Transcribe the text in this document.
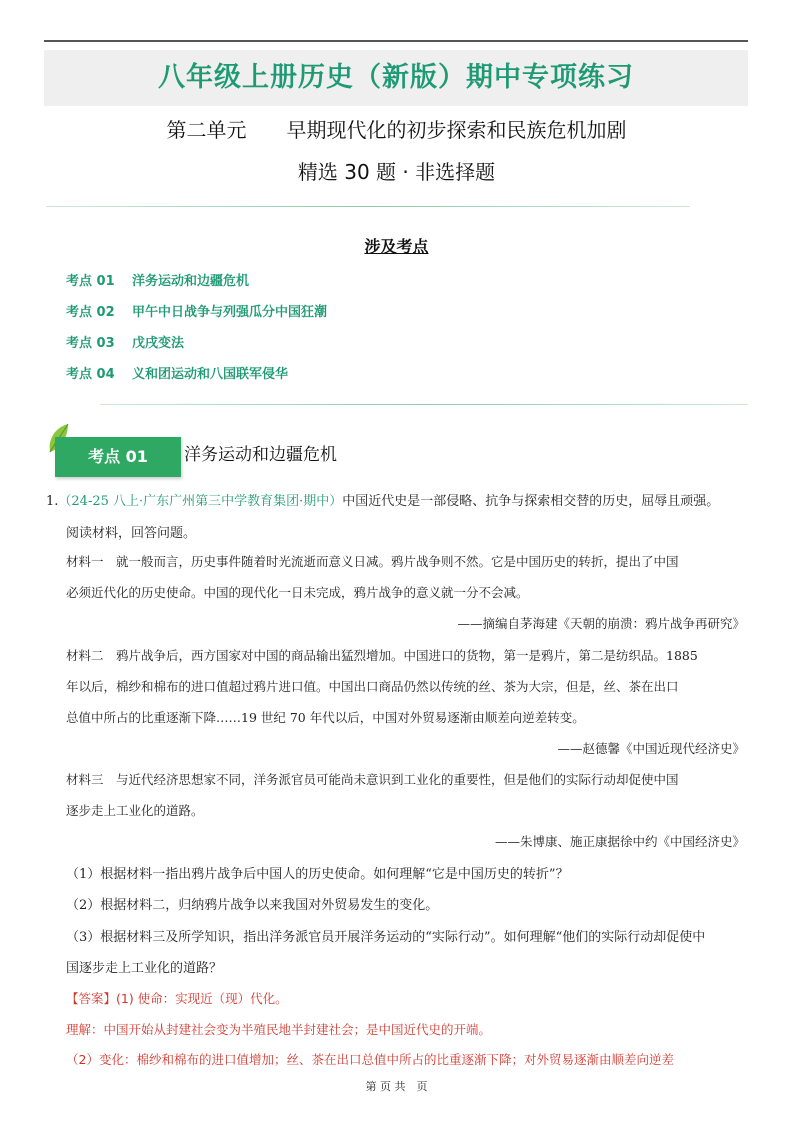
八年级上册历史（新版）期中专项练习
第二单元 早期现代化的初步探索和民族危机加剧
精选 30 题 · 非选择题
涉及考点
考点 01 洋务运动和边疆危机
考点 02 甲午中日战争与列强瓜分中国狂潮
考点 03 戊戌变法
考点 04 义和团运动和八国联军侵华
考点 01	洋务运动和边疆危机
1.（24-25 八上·广东广州第三中学教育集团·期中）中国近代史是一部侵略、抗争与探索相交替的历史，屈辱且顽强。
阅读材料，回答问题。
材料一　就一般而言，历史事件随着时光流逝而意义日减。鸦片战争则不然。它是中国历史的转折，提出了中国
必须近代化的历史使命。中国的现代化一日未完成，鸦片战争的意义就一分不会减。
——摘编自茅海建《天朝的崩溃：鸦片战争再研究》
材料二　鸦片战争后，西方国家对中国的商品输出猛烈增加。中国进口的货物，第一是鸦片，第二是纺织品。1885
年以后，棉纱和棉布的进口值超过鸦片进口值。中国出口商品仍然以传统的丝、茶为大宗，但是，丝、茶在出口
总值中所占的比重逐渐下降……19 世纪 70 年代以后，中国对外贸易逐渐由顺差向逆差转变。
——赵德馨《中国近现代经济史》
材料三　与近代经济思想家不同，洋务派官员可能尚未意识到工业化的重要性，但是他们的实际行动却促使中国
逐步走上工业化的道路。
——朱博康、施正康据徐中约《中国经济史》
（1）根据材料一指出鸦片战争后中国人的历史使命。如何理解“它是中国历史的转折”？
（2）根据材料二，归纳鸦片战争以来我国对外贸易发生的变化。
（3）根据材料三及所学知识，指出洋务派官员开展洋务运动的“实际行动”。如何理解“他们的实际行动却促使中
国逐步走上工业化的道路？
【答案】(1) 使命：实现近（现）代化。
理解：中国开始从封建社会变为半殖民地半封建社会；是中国近代史的开端。
（2）变化：棉纱和棉布的进口值增加；丝、茶在出口总值中所占的比重逐渐下降；对外贸易逐渐由顺差向逆差
第 页 共　页
